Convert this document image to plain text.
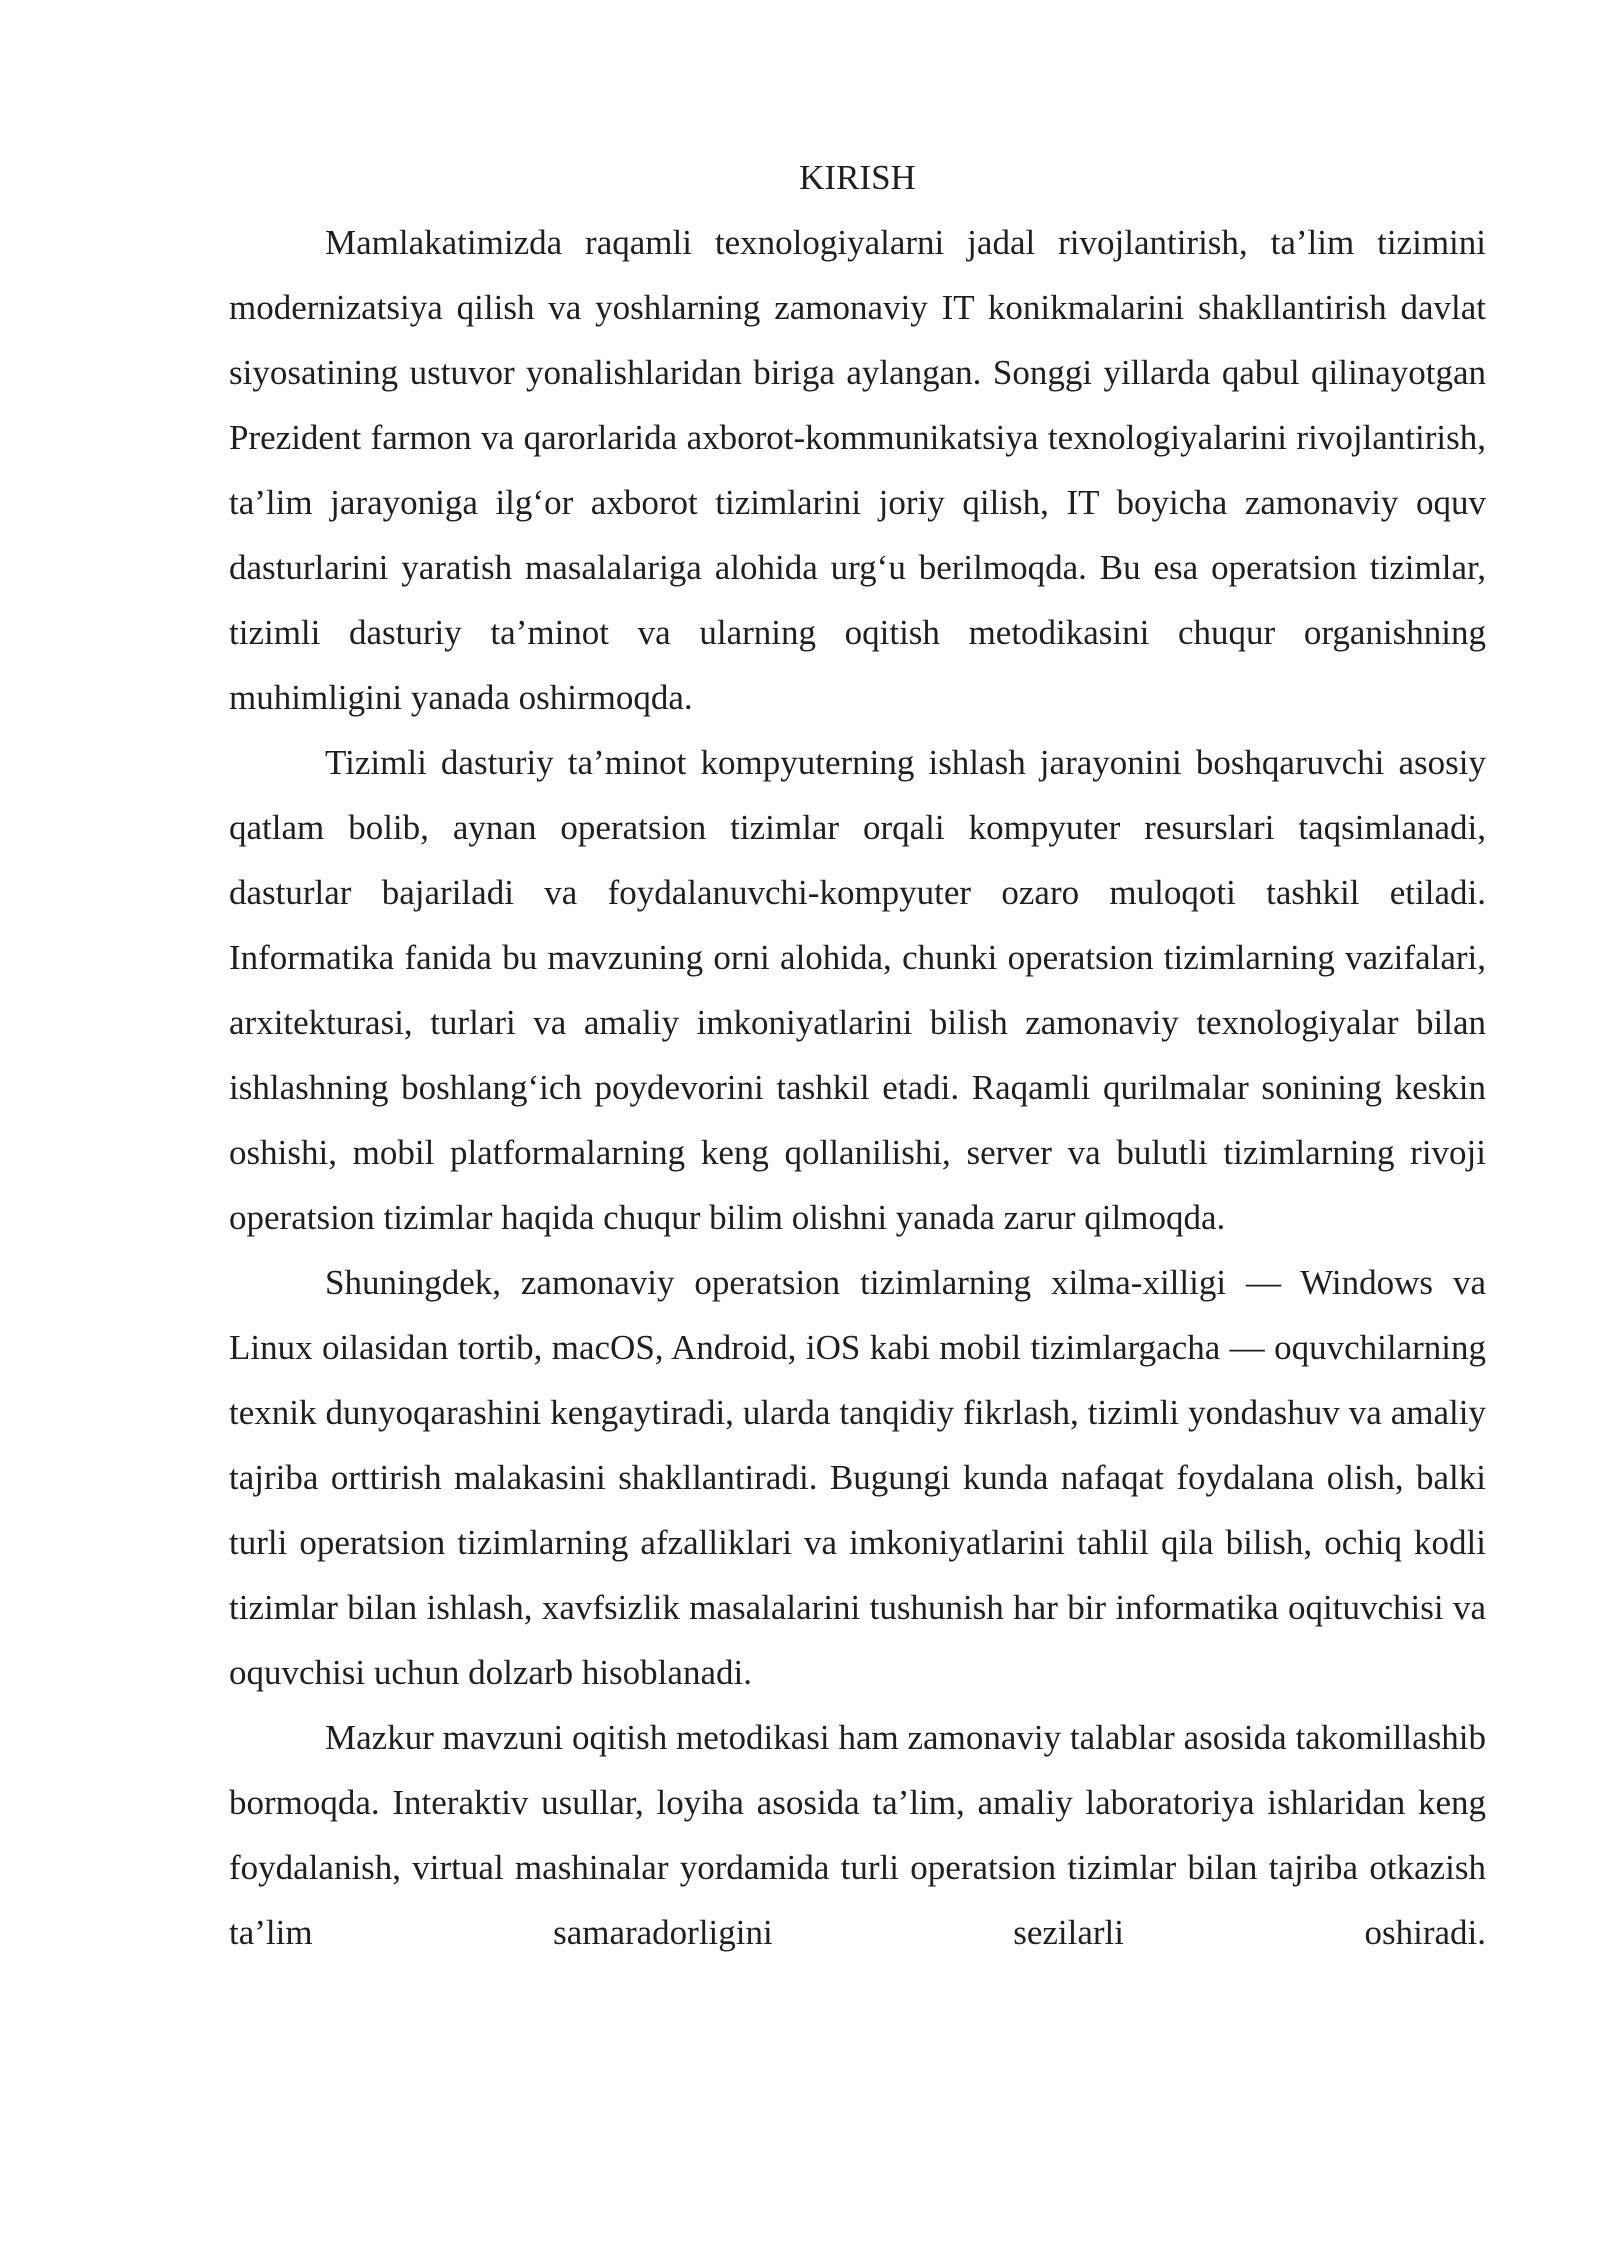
KIRISH

Mamlakatimizda raqamli texnologiyalarni jadal rivojlantirish, ta’lim tizimini modernizatsiya qilish va yoshlarning zamonaviy IT konikmalarini shakllantirish davlat siyosatining ustuvor yonalishlaridan biriga aylangan. Songgi yillarda qabul qilinayotgan Prezident farmon va qarorlarida axborot-kommunikatsiya texnologiyalarini rivojlantirish, ta’lim jarayoniga ilg‘or axborot tizimlarini joriy qilish, IT boyicha zamonaviy oquv dasturlarini yaratish masalalariga alohida urg‘u berilmoqda. Bu esa operatsion tizimlar, tizimli dasturiy ta’minot va ularning oqitish metodikasini chuqur organishning muhimligini yanada oshirmoqda.

Tizimli dasturiy ta’minot kompyuterning ishlash jarayonini boshqaruvchi asosiy qatlam bolib, aynan operatsion tizimlar orqali kompyuter resurslari taqsimlanadi, dasturlar bajariladi va foydalanuvchi-kompyuter ozaro muloqoti tashkil etiladi. Informatika fanida bu mavzuning orni alohida, chunki operatsion tizimlarning vazifalari, arxitekturasi, turlari va amaliy imkoniyatlarini bilish zamonaviy texnologiyalar bilan ishlashning boshlang‘ich poydevorini tashkil etadi. Raqamli qurilmalar sonining keskin oshishi, mobil platformalarning keng qollanilishi, server va bulutli tizimlarning rivoji operatsion tizimlar haqida chuqur bilim olishni yanada zarur qilmoqda.

Shuningdek, zamonaviy operatsion tizimlarning xilma-xilligi — Windows va Linux oilasidan tortib, macOS, Android, iOS kabi mobil tizimlargacha — oquvchilarning texnik dunyoqarashini kengaytiradi, ularda tanqidiy fikrlash, tizimli yondashuv va amaliy tajriba orttirish malakasini shakllantiradi. Bugungi kunda nafaqat foydalana olish, balki turli operatsion tizimlarning afzalliklari va imkoniyatlarini tahlil qila bilish, ochiq kodli tizimlar bilan ishlash, xavfsizlik masalalarini tushunish har bir informatika oqituvchisi va oquvchisi uchun dolzarb hisoblanadi.

Mazkur mavzuni oqitish metodikasi ham zamonaviy talablar asosida takomillashib bormoqda. Interaktiv usullar, loyiha asosida ta’lim, amaliy laboratoriya ishlaridan keng foydalanish, virtual mashinalar yordamida turli operatsion tizimlar bilan tajriba otkazish ta’lim samaradorligini sezilarli oshiradi.
